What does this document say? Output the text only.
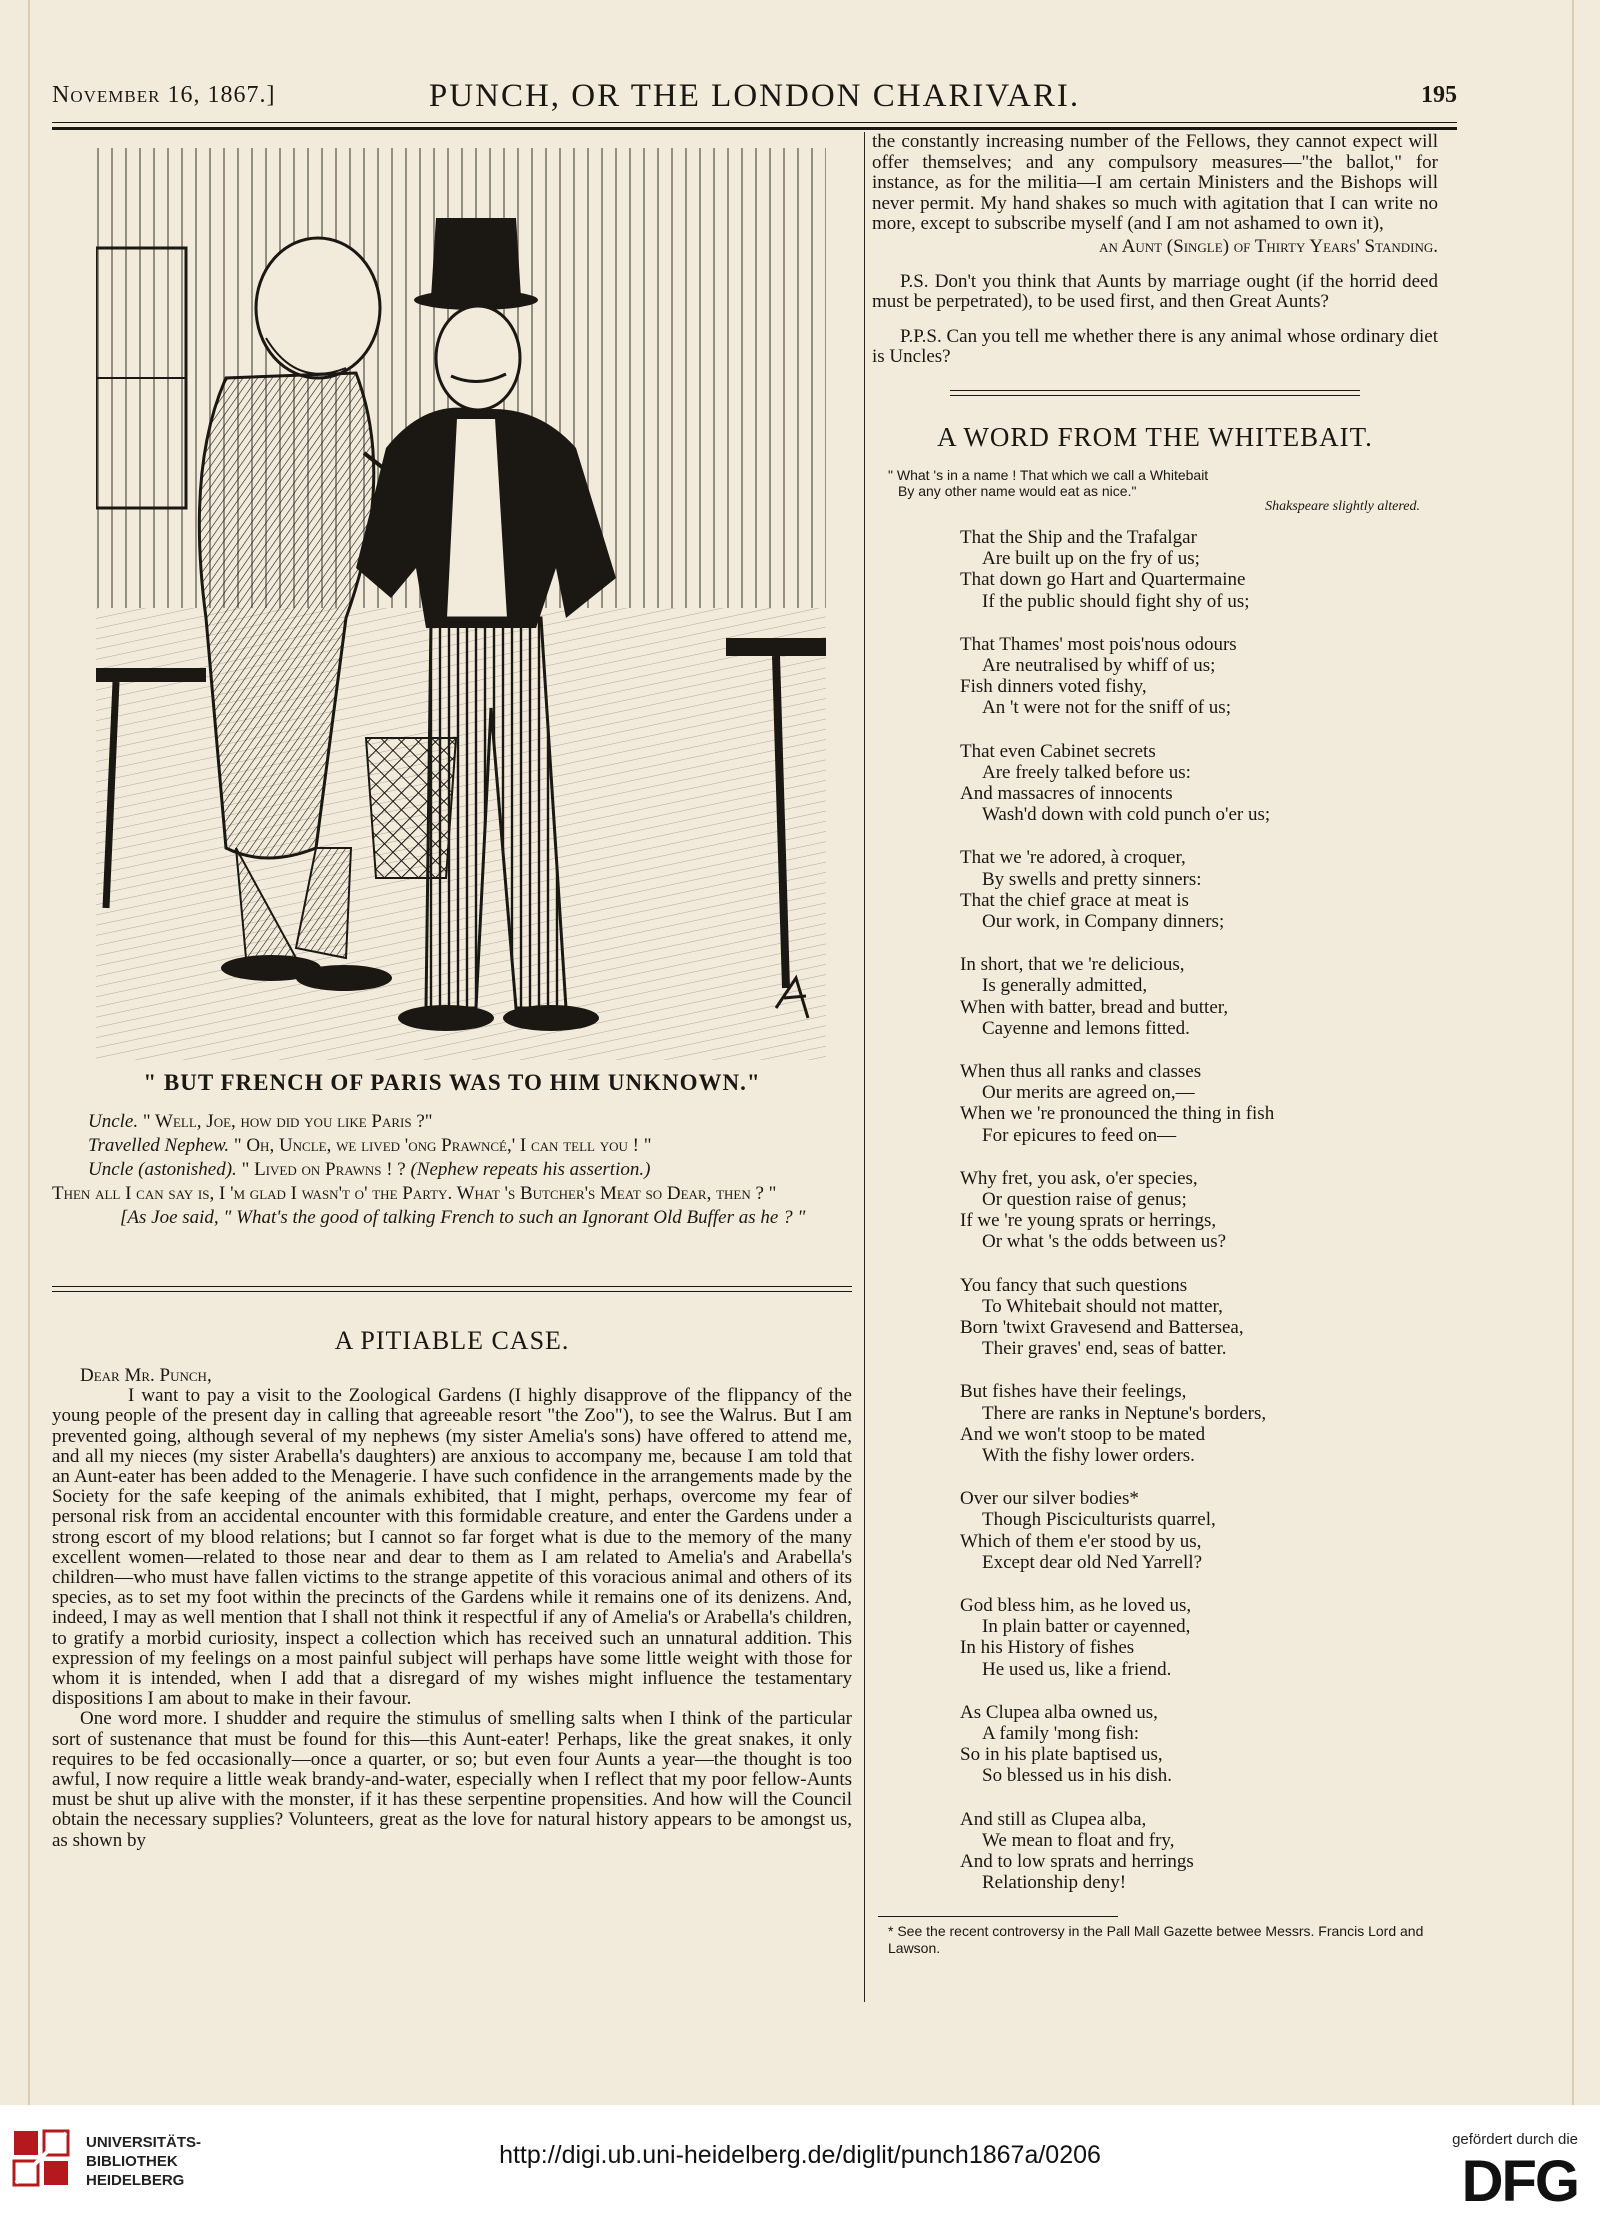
November 16, 1867.]	PUNCH, OR THE LONDON CHARIVARI.	195
" BUT FRENCH OF PARIS WAS TO HIM UNKNOWN."

Uncle. " Well, Joe, how did you like Paris ?"

Travelled Nephew. " Oh, Uncle, we lived 'ong Prawncé,' I can tell you ! "

Uncle (astonished). " Lived on Prawns ! ? (Nephew repeats his assertion.)

Then all I can say is, I 'm glad I wasn't o' the Party. What 's Butcher's Meat so Dear, then ? "

[As Joe said, " What's the good of talking French to such an Ignorant Old Buffer as he ? "

A PITIABLE CASE.

Dear Mr. Punch,

I want to pay a visit to the Zoological Gardens (I highly disapprove of the flippancy of the young people of the present day in calling that agreeable resort "the Zoo"), to see the Walrus. But I am prevented going, although several of my nephews (my sister Amelia's sons) have offered to attend me, and all my nieces (my sister Arabella's daughters) are anxious to accompany me, because I am told that an Aunt-eater has been added to the Menagerie. I have such confidence in the arrangements made by the Society for the safe keeping of the animals exhibited, that I might, perhaps, overcome my fear of personal risk from an accidental encounter with this formidable creature, and enter the Gardens under a strong escort of my blood relations; but I cannot so far forget what is due to the memory of the many excellent women—related to those near and dear to them as I am related to Amelia's and Arabella's children—who must have fallen victims to the strange appetite of this voracious animal and others of its species, as to set my foot within the precincts of the Gardens while it remains one of its denizens. And, indeed, I may as well mention that I shall not think it respectful if any of Amelia's or Arabella's children, to gratify a morbid curiosity, inspect a collection which has received such an unnatural addition. This expression of my feelings on a most painful subject will perhaps have some little weight with those for whom it is intended, when I add that a disregard of my wishes might influence the testamentary dispositions I am about to make in their favour.

One word more. I shudder and require the stimulus of smelling salts when I think of the particular sort of sustenance that must be found for this—this Aunt-eater! Perhaps, like the great snakes, it only requires to be fed occasionally—once a quarter, or so; but even four Aunts a year—the thought is too awful, I now require a little weak brandy-and-water, especially when I reflect that my poor fellow-Aunts must be shut up alive with the monster, if it has these serpentine propensities. And how will the Council obtain the necessary supplies? Volunteers, great as the love for natural history appears to be amongst us, as shown by

the constantly increasing number of the Fellows, they cannot expect will offer themselves; and any compulsory measures—"the ballot," for instance, as for the militia—I am certain Ministers and the Bishops will never permit. My hand shakes so much with agitation that I can write no more, except to subscribe myself (and I am not ashamed to own it),

an Aunt (Single) of Thirty Years' Standing.

P.S. Don't you think that Aunts by marriage ought (if the horrid deed must be perpetrated), to be used first, and then Great Aunts?

P.P.S. Can you tell me whether there is any animal whose ordinary diet is Uncles?

A WORD FROM THE WHITEBAIT.
" What 's in a name ! That which we call a Whitebait
By any other name would eat as nice."
Shakspeare slightly altered.
That the Ship and the Trafalgar
Are built up on the fry of us;
That down go Hart and Quartermaine
If the public should fight shy of us;
That Thames' most pois'nous odours
Are neutralised by whiff of us;
Fish dinners voted fishy,
An 't were not for the sniff of us;
That even Cabinet secrets
Are freely talked before us:
And massacres of innocents
Wash'd down with cold punch o'er us;
That we 're adored, à croquer,
By swells and pretty sinners:
That the chief grace at meat is
Our work, in Company dinners;
In short, that we 're delicious,
Is generally admitted,
When with batter, bread and butter,
Cayenne and lemons fitted.
When thus all ranks and classes
Our merits are agreed on,—
When we 're pronounced the thing in fish
For epicures to feed on—
Why fret, you ask, o'er species,
Or question raise of genus;
If we 're young sprats or herrings,
Or what 's the odds between us?
You fancy that such questions
To Whitebait should not matter,
Born 'twixt Gravesend and Battersea,
Their graves' end, seas of batter.
But fishes have their feelings,
There are ranks in Neptune's borders,
And we won't stoop to be mated
With the fishy lower orders.
Over our silver bodies*
Though Pisciculturists quarrel,
Which of them e'er stood by us,
Except dear old Ned Yarrell?
God bless him, as he loved us,
In plain batter or cayenned,
In his History of fishes
He used us, like a friend.
As Clupea alba owned us,
A family 'mong fish:
So in his plate baptised us,
So blessed us in his dish.
And still as Clupea alba,
We mean to float and fry,
And to low sprats and herrings
Relationship deny!
* See the recent controversy in the Pall Mall Gazette betwee Messrs. Francis Lord and Lawson.
UNIVERSITÄTS-
BIBLIOTHEK
HEIDELBERG
http://digi.ub.uni-heidelberg.de/diglit/punch1867a/0206
gefördert durch die
DFG
